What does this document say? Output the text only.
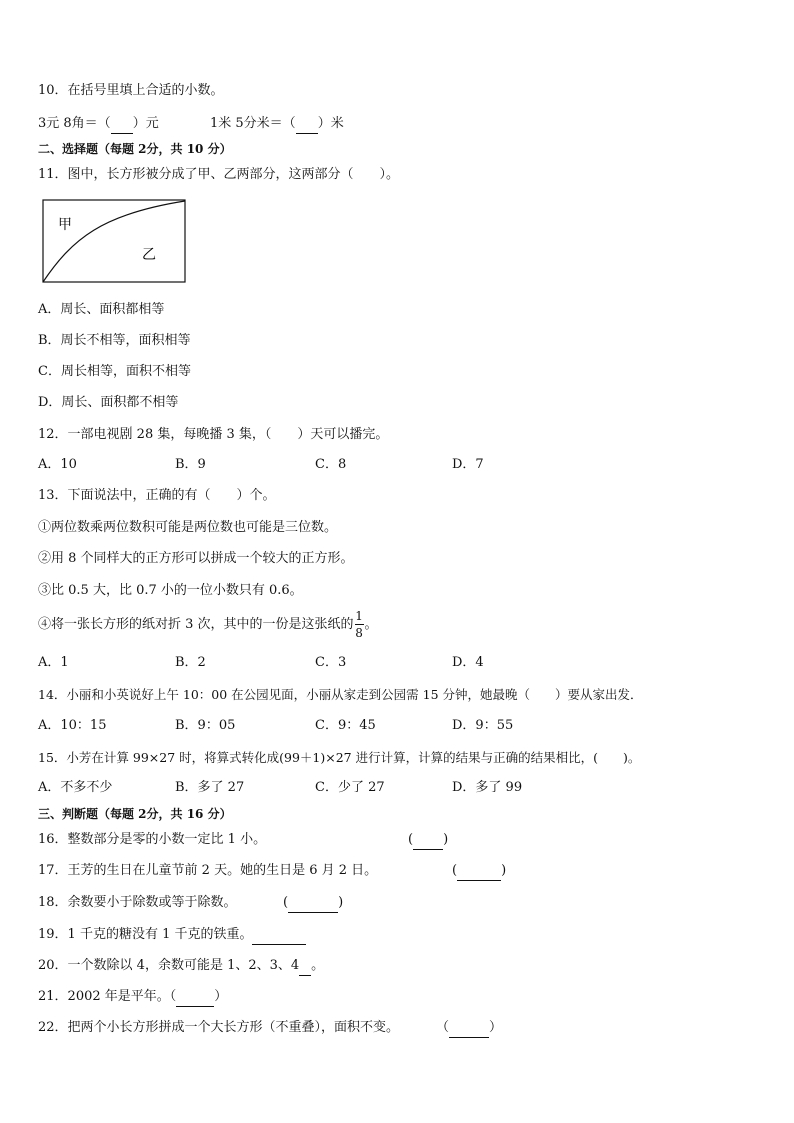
10．在括号里填上合适的小数。
3元 8角＝（ ）元	1米 5分米＝（ ）米
二、选择题（每题 2分，共 10 分）
11．图中，长方形被分成了甲、乙两部分，这两部分（　　）。
甲
乙
A．周长、面积都相等
B．周长不相等，面积相等
C．周长相等，面积不相等
D．周长、面积都不相等
12．一部电视剧 28 集，每晚播 3 集，（　　）天可以播完。
A．10	B．9	C．8	D．7
13．下面说法中，正确的有（　　）个。
①两位数乘两位数积可能是两位数也可能是三位数。
②用 8 个同样大的正方形可以拼成一个较大的正方形。
③比 0.5 大，比 0.7 小的一位小数只有 0.6。
④将一张长方形的纸对折 3 次，其中的一份是这张纸的 $\frac{1}{8}$ 。
A．1	B．2	C．3	D．4
14．小丽和小英说好上午 10：00 在公园见面，小丽从家走到公园需 15 分钟，她最晚（　　）要从家出发．
A．10：15	B．9：05	C．9：45	D．9：55
15．小芳在计算 99×27 时，将算式转化成(99＋1)×27 进行计算，计算的结果与正确的结果相比，(　　)。
A．不多不少	B．多了 27	C．少了 27	D．多了 99
三、判断题（每题 2分，共 16 分）
16．整数部分是零的小数一定比 1 小。	( )
17．王芳的生日在儿童节前 2 天。她的生日是 6 月 2 日。	(	)
18．余数要小于除数或等于除数。	(	)
19．1 千克的糖没有 1 千克的铁重。
20．一个数除以 4，余数可能是 1、2、3、4 。
21．2002 年是平年。（	）
22．把两个小长方形拼成一个大长方形（不重叠），面积不变。	（	）
